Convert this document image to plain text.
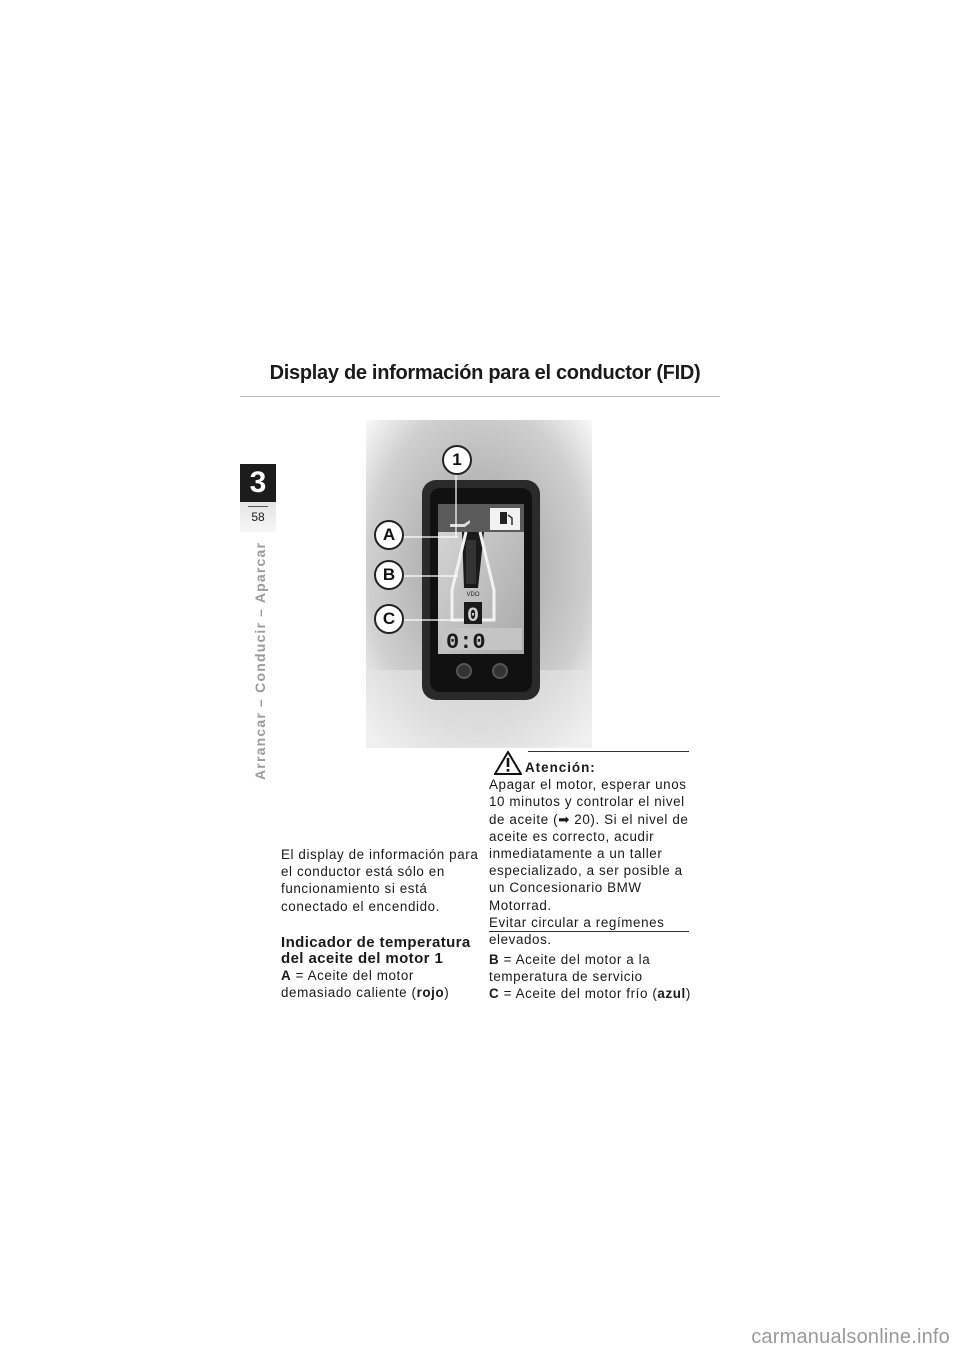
Display de información para el conductor (FID)
3
58
Arrancar – Conducir – Aparcar	VDO
0
0:0
1
A
B
C
El display de información para el conductor está sólo en funcionamiento si está conectado el encendido.
Indicador de temperatura del aceite del motor 1
A = Aceite del motor demasiado caliente (rojo)
Atención:
Apagar el motor, esperar unos 10 minutos y controlar el nivel de aceite (➡ 20). Si el nivel de aceite es correcto, acudir inmediatamente a un taller especializado, a ser posible a un Concesionario BMW Motorrad.
Evitar circular a regímenes elevados.
B = Aceite del motor a la temperatura de servicio
C = Aceite del motor frío (azul)
carmanualsonline.info
